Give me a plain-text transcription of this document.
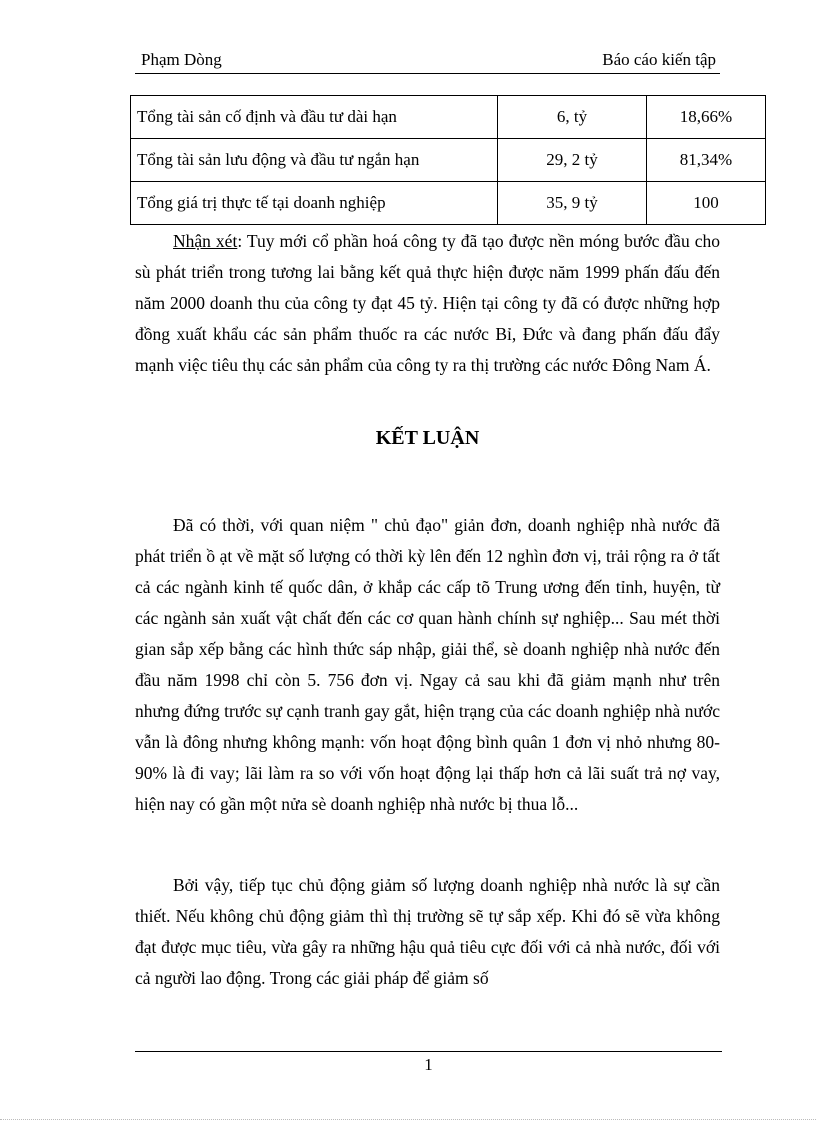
Phạm Dòng	Báo cáo kiến tập
Tổng tài sản cố định và đầu tư dài hạn	6, tỷ	18,66%
Tổng tài sản lưu động và đầu tư ngắn hạn	29, 2 tỷ	81,34%
Tổng giá trị thực tế tại doanh nghiệp	35, 9 tỷ	100

Nhận xét: Tuy mới cổ phần hoá công ty đã tạo được nền móng bước đầu cho sù phát triển trong tương lai bằng kết quả thực hiện được năm 1999 phấn đấu đến năm 2000 doanh thu của công ty đạt 45 tỷ. Hiện tại công ty đã có được những hợp đồng xuất khẩu các sản phẩm thuốc ra các nước Bỉ, Đức và đang phấn đấu đẩy mạnh việc tiêu thụ các sản phẩm của công ty ra thị trường các nước Đông Nam Á.

KẾT LUẬN

Đã có thời, với quan niệm " chủ đạo" giản đơn, doanh nghiệp nhà nước đã phát triển ồ ạt về mặt số lượng có thời kỳ lên đến 12 nghìn đơn vị, trải rộng ra ở tất cả các ngành kinh tế quốc dân, ở khắp các cấp tõ Trung ương đến tỉnh, huyện, từ các ngành sản xuất vật chất đến các cơ quan hành chính sự nghiệp... Sau mét thời gian sắp xếp bằng các hình thức sáp nhập, giải thể, sè doanh nghiệp nhà nước đến đầu năm 1998 chỉ còn 5. 756 đơn vị. Ngay cả sau khi đã giảm mạnh như trên nhưng đứng trước sự cạnh tranh gay gắt, hiện trạng của các doanh nghiệp nhà nước vẫn là đông nhưng không mạnh: vốn hoạt động bình quân 1 đơn vị nhỏ nhưng 80-90% là đi vay; lãi làm ra so với vốn hoạt động lại thấp hơn cả lãi suất trả nợ vay, hiện nay có gần một nửa sè doanh nghiệp nhà nước bị thua lỗ...

Bởi vậy, tiếp tục chủ động giảm số lượng doanh nghiệp nhà nước là sự cần thiết. Nếu không chủ động giảm thì thị trường sẽ tự sắp xếp. Khi đó sẽ vừa không đạt được mục tiêu, vừa gây ra những hậu quả tiêu cực đối với cả nhà nước, đối với cả người lao động. Trong các giải pháp để giảm số

1
